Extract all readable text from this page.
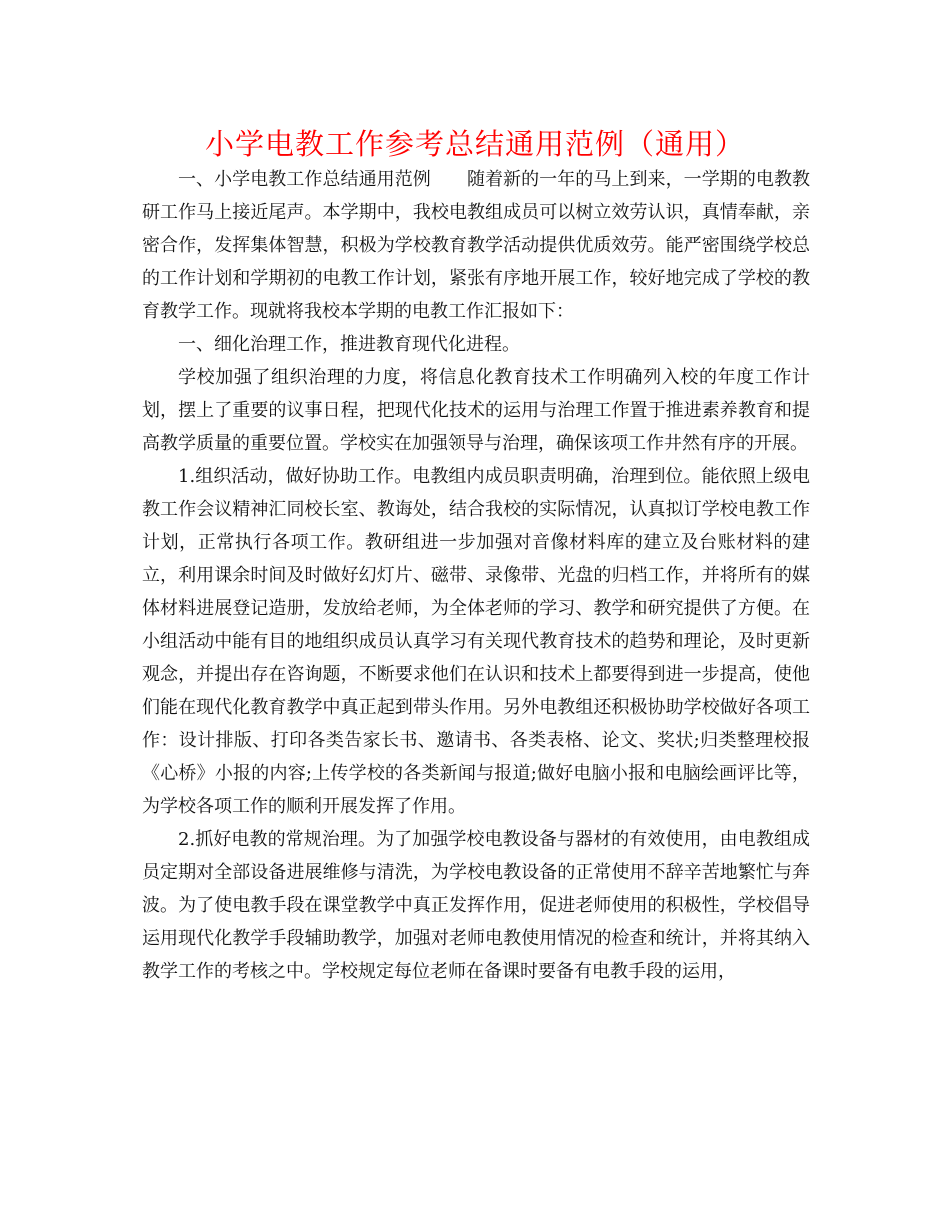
小学电教工作参考总结通用范例（通用）

一、小学电教工作总结通用范例　　随着新的一年的马上到来，一学期的电教教研工作马上接近尾声。本学期中，我校电教组成员可以树立效劳认识，真情奉献，亲密合作，发挥集体智慧，积极为学校教育教学活动提供优质效劳。能严密围绕学校总的工作计划和学期初的电教工作计划，紧张有序地开展工作，较好地完成了学校的教育教学工作。现就将我校本学期的电教工作汇报如下：

一、细化治理工作，推进教育现代化进程。

学校加强了组织治理的力度，将信息化教育技术工作明确列入校的年度工作计划，摆上了重要的议事日程，把现代化技术的运用与治理工作置于推进素养教育和提高教学质量的重要位置。学校实在加强领导与治理，确保该项工作井然有序的开展。

1.组织活动，做好协助工作。电教组内成员职责明确，治理到位。能依照上级电教工作会议精神汇同校长室、教诲处，结合我校的实际情况，认真拟订学校电教工作计划，正常执行各项工作。教研组进一步加强对音像材料库的建立及台账材料的建立，利用课余时间及时做好幻灯片、磁带、录像带、光盘的归档工作，并将所有的媒体材料进展登记造册，发放给老师，为全体老师的学习、教学和研究提供了方便。在小组活动中能有目的地组织成员认真学习有关现代教育技术的趋势和理论，及时更新观念，并提出存在咨询题，不断要求他们在认识和技术上都要得到进一步提高，使他们能在现代化教育教学中真正起到带头作用。另外电教组还积极协助学校做好各项工作：设计排版、打印各类告家长书、邀请书、各类表格、论文、奖状;归类整理校报《心桥》小报的内容;上传学校的各类新闻与报道;做好电脑小报和电脑绘画评比等，为学校各项工作的顺利开展发挥了作用。

2.抓好电教的常规治理。为了加强学校电教设备与器材的有效使用，由电教组成员定期对全部设备进展维修与清洗，为学校电教设备的正常使用不辞辛苦地繁忙与奔波。为了使电教手段在课堂教学中真正发挥作用，促进老师使用的积极性，学校倡导运用现代化教学手段辅助教学，加强对老师电教使用情况的检查和统计，并将其纳入教学工作的考核之中。学校规定每位老师在备课时要备有电教手段的运用，
